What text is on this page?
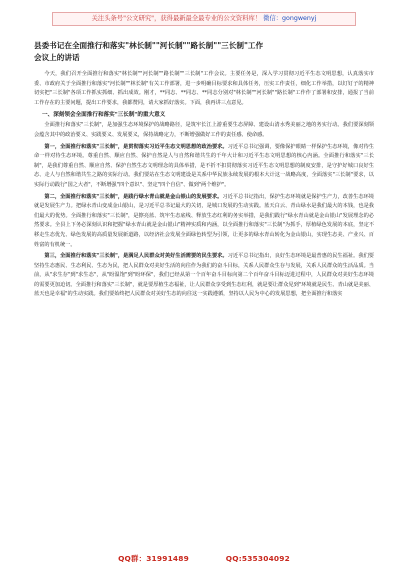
关注头条号"公文研究"，获得最新最全最专业的公文资料库！ 微信：gongwenyj
县委书记在全面推行和落实"林长制""河长制""路长制""三长制"工作
会议上的讲话

今天，我们召开全面推行和落实"林长制""河长制""路长制""三长制"工作会议。主要任务是，深入学习贯彻习近平生态文明思想，认真落实市委、市政府关于全面推行和落实"河长制""林长制"有关工作部署，进一步明确目标要求和具体任务，压实工作责任，细化工作举措，以钉钉子的精神切实把"三长制"各项工作抓实抓细、抓出成效。刚才，**同志、**同志、**同志分别对"林长制""河长制""路长制"工作作了部署和安排，通报了当前工作存在的主要问题，提出工作要求，我都赞同，请大家抓好落实。下面，我再讲三点意见。

一、深刻领会全面推行和落实"三长制"的重大意义

全面推行和落实"三长制"，是加强生态环境保护的战略路径，是筑牢长江上游重要生态屏障、建设山清水秀美丽之地的务实行动。我们要深刻领会蕴含其中的政治要义、实践要义、发展要义，保持战略定力，不断增强做好工作的责任感、使命感。

第一，全面推行和落实"三长制"，是贯彻落实习近平生态文明思想的政治要求。习近平总书记强调，要像保护眼睛一样保护生态环境，像对待生命一样对待生态环境。尊重自然、顺应自然、保护自然是人与自然和谐共生的千年大计和习近平生态文明思想的核心内涵。全面推行和落实"三长制"，是我们尊重自然、顺应自然、保护自然生态文明理念的具体举措，是不折不扣贯彻落实习近平生态文明思想的制度安排，是守护好城口良好生态、走人与自然和谐共生之路的实际行动。我们要站在生态文明建设是关系中华民族永续发展的根本大计这一战略高度，全面落实"三长制"要求，以实际行动践行"国之大者"，不断增强"四个意识"、坚定"四个自信"、做到"两个维护"。

第二，全面推行和落实"三长制"，是践行绿水青山就是金山银山的发展要求。习近平总书记指出，保护生态环境就是保护生产力，改善生态环境就是发展生产力。把绿水青山变成金山银山，是习近平总书记最大的关切，是城口发展的生动实践。蓝天白云、青山绿水是我们最大的本钱，也是我们最大的优势。全面推行和落实"三长制"，是擦亮蓝、筑牢生态底线、释放生态红利的务实举措，是我们践行"绿水青山就是金山银山"发展理念的必然要求。全县上下务必深刻认识和把握"绿水青山就是金山银山"精神实质和内涵，以全面推行和落实"三长制"为抓手，厚植绿色发展的本底，坚定不移走生态优先、绿色发展的高质量发展新道路，以经济社会发展全面绿色转型为引领，让更多的绿水青山转化为金山银山，实现生态美、产业兴、百姓富的有机统一。

第三，全面推行和落实"三长制"，是满足人民群众对美好生活需要的民生要求。习近平总书记指出，良好生态环境是最普惠的民生福祉。我们要坚持生态惠民、生态利民、生态为民，把人民群众对美好生活的向往作为我们的奋斗目标，关系人民群众生存与发展，关系人民群众的生活品质。当前，从"求生存"到"求生态"，从"盼温饱"到"盼环保"，我们已经从第一个百年奋斗目标向第二个百年奋斗目标迈进过程中，人民群众对美好生态环境的需要更加迫切。全面推行和落实"三长制"，就是要厚植生态福祉，让人民群众享受到生态红利，就是要让群众见到"环境就是民生、青山就是美丽、蓝天也是幸福"的生动实践。我们要始终把人民群众对美好生态的向往这一实践遵循，坚持以人民为中心的发展思想，把全面推行和落实

QQ群：31991489	QQ:535304092
